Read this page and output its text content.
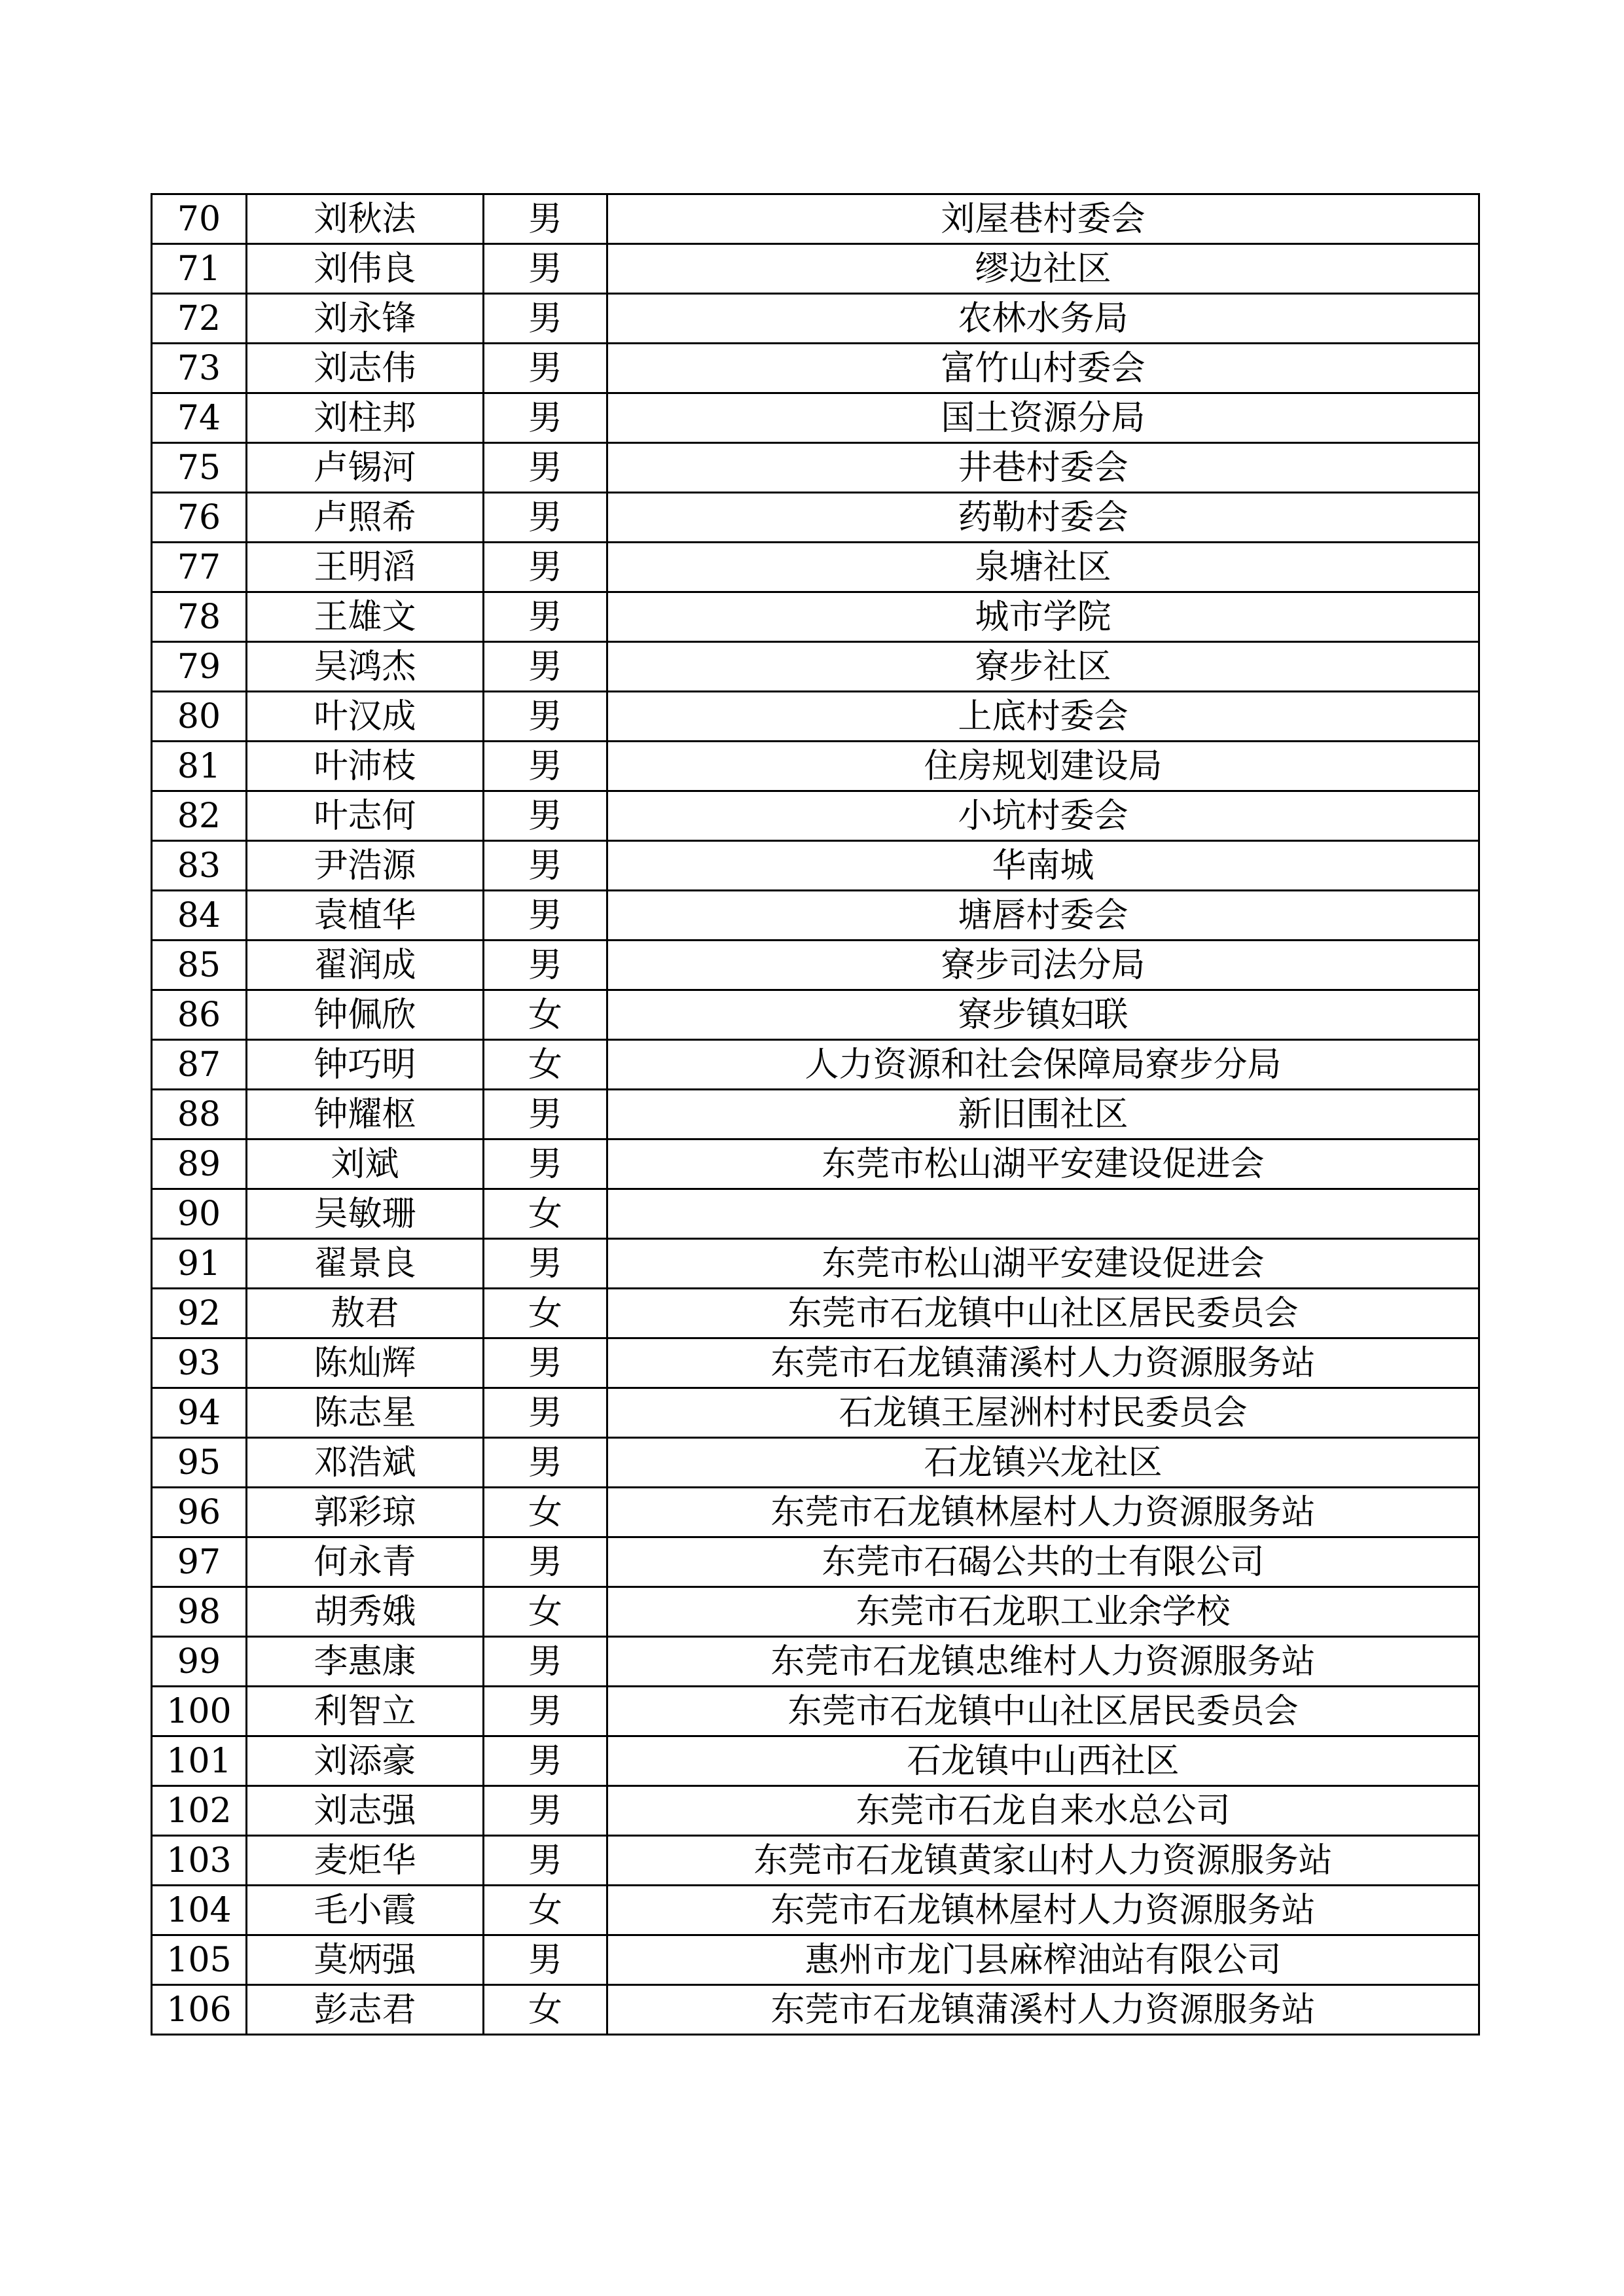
70	刘秋法	男	刘屋巷村委会
71	刘伟良	男	缪边社区
72	刘永锋	男	农林水务局
73	刘志伟	男	富竹山村委会
74	刘柱邦	男	国土资源分局
75	卢锡河	男	井巷村委会
76	卢照希	男	药勒村委会
77	王明滔	男	泉塘社区
78	王雄文	男	城市学院
79	吴鸿杰	男	寮步社区
80	叶汉成	男	上底村委会
81	叶沛枝	男	住房规划建设局
82	叶志何	男	小坑村委会
83	尹浩源	男	华南城
84	袁植华	男	塘唇村委会
85	翟润成	男	寮步司法分局
86	钟佩欣	女	寮步镇妇联
87	钟巧明	女	人力资源和社会保障局寮步分局
88	钟耀枢	男	新旧围社区
89	刘斌	男	东莞市松山湖平安建设促进会
90	吴敏珊	女	
91	翟景良	男	东莞市松山湖平安建设促进会
92	敖君	女	东莞市石龙镇中山社区居民委员会
93	陈灿辉	男	东莞市石龙镇蒲溪村人力资源服务站
94	陈志星	男	石龙镇王屋洲村村民委员会
95	邓浩斌	男	石龙镇兴龙社区
96	郭彩琼	女	东莞市石龙镇林屋村人力资源服务站
97	何永青	男	东莞市石碣公共的士有限公司
98	胡秀娥	女	东莞市石龙职工业余学校
99	李惠康	男	东莞市石龙镇忠维村人力资源服务站
100	利智立	男	东莞市石龙镇中山社区居民委员会
101	刘添豪	男	石龙镇中山西社区
102	刘志强	男	东莞市石龙自来水总公司
103	麦炬华	男	东莞市石龙镇黄家山村人力资源服务站
104	毛小霞	女	东莞市石龙镇林屋村人力资源服务站
105	莫炳强	男	惠州市龙门县麻榨油站有限公司
106	彭志君	女	东莞市石龙镇蒲溪村人力资源服务站
